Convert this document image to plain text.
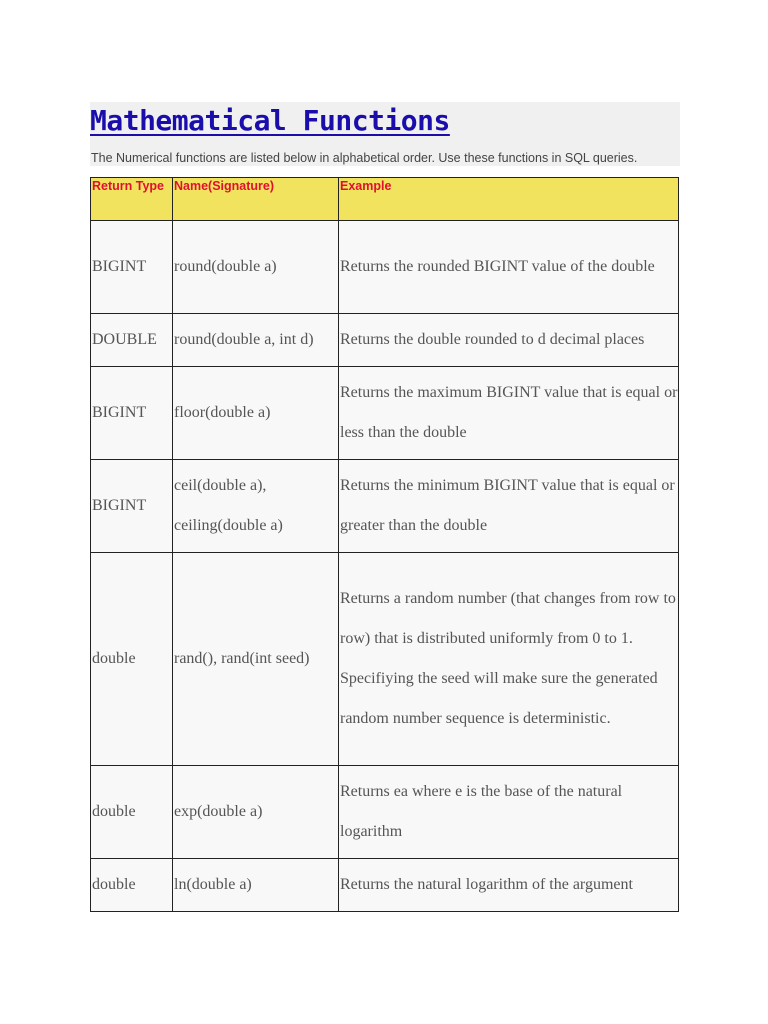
Mathematical Functions

The Numerical functions are listed below in alphabetical order. Use these functions in SQL queries.

Return Type	Name(Signature)	Example
BIGINT	round(double a)	Returns the rounded BIGINT value of the double
DOUBLE	round(double a, int d)	Returns the double rounded to d decimal places
BIGINT	floor(double a)	Returns the maximum BIGINT value that is equal or less than the double
BIGINT	ceil(double a), ceiling(double a)	Returns the minimum BIGINT value that is equal or greater than the double
double	rand(), rand(int seed)	Returns a random number (that changes from row to row) that is distributed uniformly from 0 to 1. Specifiying the seed will make sure the generated random number sequence is deterministic.
double	exp(double a)	Returns ea where e is the base of the natural logarithm
double	ln(double a)	Returns the natural logarithm of the argument
